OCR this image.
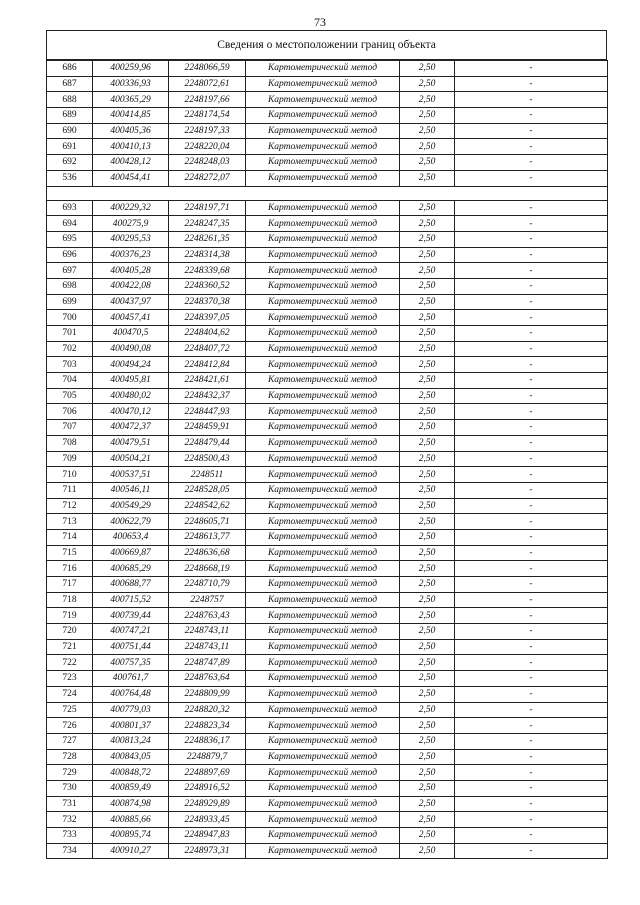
73
Сведения о местоположении границ объекта
686	400259,96	2248066,59	Картометрический метод	2,50	-
687	400336,93	2248072,61	Картометрический метод	2,50	-
688	400365,29	2248197,66	Картометрический метод	2,50	-
689	400414,85	2248174,54	Картометрический метод	2,50	-
690	400405,36	2248197,33	Картометрический метод	2,50	-
691	400410,13	2248220,04	Картометрический метод	2,50	-
692	400428,12	2248248,03	Картометрический метод	2,50	-
536	400454,41	2248272,07	Картометрический метод	2,50	-

693	400229,32	2248197,71	Картометрический метод	2,50	-
694	400275,9	2248247,35	Картометрический метод	2,50	-
695	400295,53	2248261,35	Картометрический метод	2,50	-
696	400376,23	2248314,38	Картометрический метод	2,50	-
697	400405,28	2248339,68	Картометрический метод	2,50	-
698	400422,08	2248360,52	Картометрический метод	2,50	-
699	400437,97	2248370,38	Картометрический метод	2,50	-
700	400457,41	2248397,05	Картометрический метод	2,50	-
701	400470,5	2248404,62	Картометрический метод	2,50	-
702	400490,08	2248407,72	Картометрический метод	2,50	-
703	400494,24	2248412,84	Картометрический метод	2,50	-
704	400495,81	2248421,61	Картометрический метод	2,50	-
705	400480,02	2248432,37	Картометрический метод	2,50	-
706	400470,12	2248447,93	Картометрический метод	2,50	-
707	400472,37	2248459,91	Картометрический метод	2,50	-
708	400479,51	2248479,44	Картометрический метод	2,50	-
709	400504,21	2248500,43	Картометрический метод	2,50	-
710	400537,51	2248511	Картометрический метод	2,50	-
711	400546,11	2248528,05	Картометрический метод	2,50	-
712	400549,29	2248542,62	Картометрический метод	2,50	-
713	400622,79	2248605,71	Картометрический метод	2,50	-
714	400653,4	2248613,77	Картометрический метод	2,50	-
715	400669,87	2248636,68	Картометрический метод	2,50	-
716	400685,29	2248668,19	Картометрический метод	2,50	-
717	400688,77	2248710,79	Картометрический метод	2,50	-
718	400715,52	2248757	Картометрический метод	2,50	-
719	400739,44	2248763,43	Картометрический метод	2,50	-
720	400747,21	2248743,11	Картометрический метод	2,50	-
721	400751,44	2248743,11	Картометрический метод	2,50	-
722	400757,35	2248747,89	Картометрический метод	2,50	-
723	400761,7	2248763,64	Картометрический метод	2,50	-
724	400764,48	2248809,99	Картометрический метод	2,50	-
725	400779,03	2248820,32	Картометрический метод	2,50	-
726	400801,37	2248823,34	Картометрический метод	2,50	-
727	400813,24	2248836,17	Картометрический метод	2,50	-
728	400843,05	2248879,7	Картометрический метод	2,50	-
729	400848,72	2248897,69	Картометрический метод	2,50	-
730	400859,49	2248916,52	Картометрический метод	2,50	-
731	400874,98	2248929,89	Картометрический метод	2,50	-
732	400885,66	2248933,45	Картометрический метод	2,50	-
733	400895,74	2248947,83	Картометрический метод	2,50	-
734	400910,27	2248973,31	Картометрический метод	2,50	-
